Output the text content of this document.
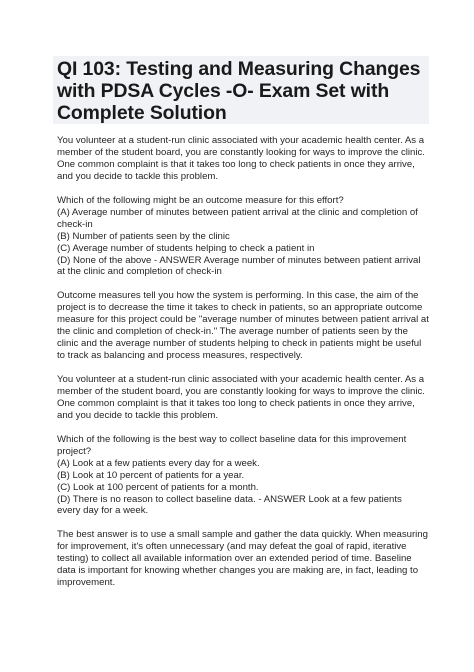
QI 103: Testing and Measuring Changes
with PDSA Cycles -O- Exam Set with
Complete Solution

You volunteer at a student-run clinic associated with your academic health center. As a
member of the student board, you are constantly looking for ways to improve the clinic.
One common complaint is that it takes too long to check patients in once they arrive,
and you decide to tackle this problem.

Which of the following might be an outcome measure for this effort?
(A) Average number of minutes between patient arrival at the clinic and completion of
check-in
(B) Number of patients seen by the clinic
(C) Average number of students helping to check a patient in
(D) None of the above - ANSWER Average number of minutes between patient arrival
at the clinic and completion of check-in

Outcome measures tell you how the system is performing. In this case, the aim of the
project is to decrease the time it takes to check in patients, so an appropriate outcome
measure for this project could be "average number of minutes between patient arrival at
the clinic and completion of check-in." The average number of patients seen by the
clinic and the average number of students helping to check in patients might be useful
to track as balancing and process measures, respectively.

You volunteer at a student-run clinic associated with your academic health center. As a
member of the student board, you are constantly looking for ways to improve the clinic.
One common complaint is that it takes too long to check patients in once they arrive,
and you decide to tackle this problem.

Which of the following is the best way to collect baseline data for this improvement
project?
(A) Look at a few patients every day for a week.
(B) Look at 10 percent of patients for a year.
(C) Look at 100 percent of patients for a month.
(D) There is no reason to collect baseline data. - ANSWER Look at a few patients
every day for a week.

The best answer is to use a small sample and gather the data quickly. When measuring
for improvement, it's often unnecessary (and may defeat the goal of rapid, iterative
testing) to collect all available information over an extended period of time. Baseline
data is important for knowing whether changes you are making are, in fact, leading to
improvement.
